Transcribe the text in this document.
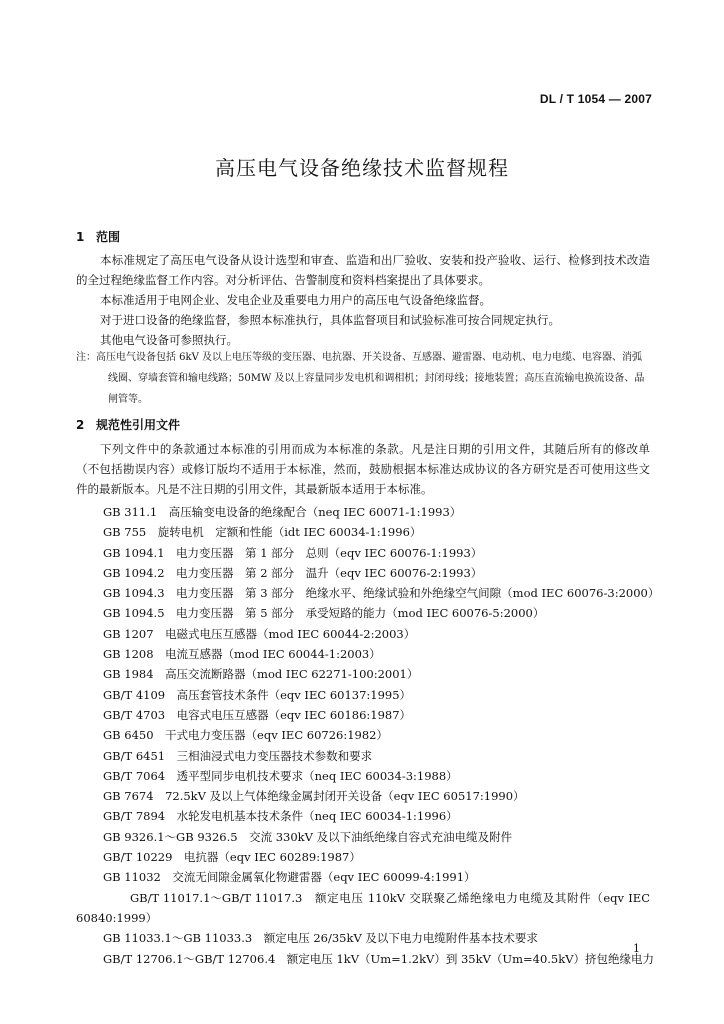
DL / T 1054 — 2007
高压电气设备绝缘技术监督规程
1 范围
本标准规定了高压电气设备从设计选型和审查、监造和出厂验收、安装和投产验收、运行、检修到技术改造的全过程绝缘监督工作内容。对分析评估、告警制度和资料档案提出了具体要求。
本标准适用于电网企业、发电企业及重要电力用户的高压电气设备绝缘监督。
对于进口设备的绝缘监督，参照本标准执行，具体监督项目和试验标准可按合同规定执行。
其他电气设备可参照执行。
注：高压电气设备包括 6kV 及以上电压等级的变压器、电抗器、开关设备、互感器、避雷器、电动机、电力电缆、电容器、消弧线圈、穿墙套管和输电线路；50MW 及以上容量同步发电机和调相机；封闭母线；接地装置；高压直流输电换流设备、晶闸管等。
2 规范性引用文件
下列文件中的条款通过本标准的引用而成为本标准的条款。凡是注日期的引用文件，其随后所有的修改单（不包括勘误内容）或修订版均不适用于本标准，然而，鼓励根据本标准达成协议的各方研究是否可使用这些文件的最新版本。凡是不注日期的引用文件，其最新版本适用于本标准。
GB 311.1　 高压输变电设备的绝缘配合（neq IEC 60071-1:1993）
GB 755　 旋转电机　定额和性能（idt IEC 60034-1:1996）
GB 1094.1　 电力变压器　第 1 部分　总则（eqv IEC 60076-1:1993）
GB 1094.2　 电力变压器　第 2 部分　温升（eqv IEC 60076-2:1993）
GB 1094.3　 电力变压器　第 3 部分　绝缘水平、绝缘试验和外绝缘空气间隙（mod IEC 60076-3:2000）
GB 1094.5　 电力变压器　第 5 部分　承受短路的能力（mod IEC 60076-5:2000）
GB 1207　 电磁式电压互感器（mod IEC 60044-2:2003）
GB 1208　 电流互感器（mod IEC 60044-1:2003）
GB 1984　 高压交流断路器（mod IEC 62271-100:2001）
GB/T 4109　 高压套管技术条件（eqv IEC 60137:1995）
GB/T 4703　 电容式电压互感器（eqv IEC 60186:1987）
GB 6450　 干式电力变压器（eqv IEC 60726:1982）
GB/T 6451　 三相油浸式电力变压器技术参数和要求
GB/T 7064　 透平型同步电机技术要求（neq IEC 60034-3:1988）
GB 7674　 72.5kV 及以上气体绝缘金属封闭开关设备（eqv IEC 60517:1990）
GB/T 7894　 水轮发电机基本技术条件（neq IEC 60034-1:1996）
GB 9326.1～GB 9326.5　 交流 330kV 及以下油纸绝缘自容式充油电缆及附件
GB/T 10229　 电抗器（eqv IEC 60289:1987）
GB 11032　 交流无间隙金属氧化物避雷器（eqv IEC 60099-4:1991）
GB/T 11017.1～GB/T 11017.3　 额定电压 110kV 交联聚乙烯绝缘电力电缆及其附件（eqv IEC 60840:1999）
GB 11033.1～GB 11033.3　 额定电压 26/35kV 及以下电力电缆附件基本技术要求
GB/T 12706.1～GB/T 12706.4　 额定电压 1kV（Um=1.2kV）到 35kV（Um=40.5kV）挤包绝缘电力
1
